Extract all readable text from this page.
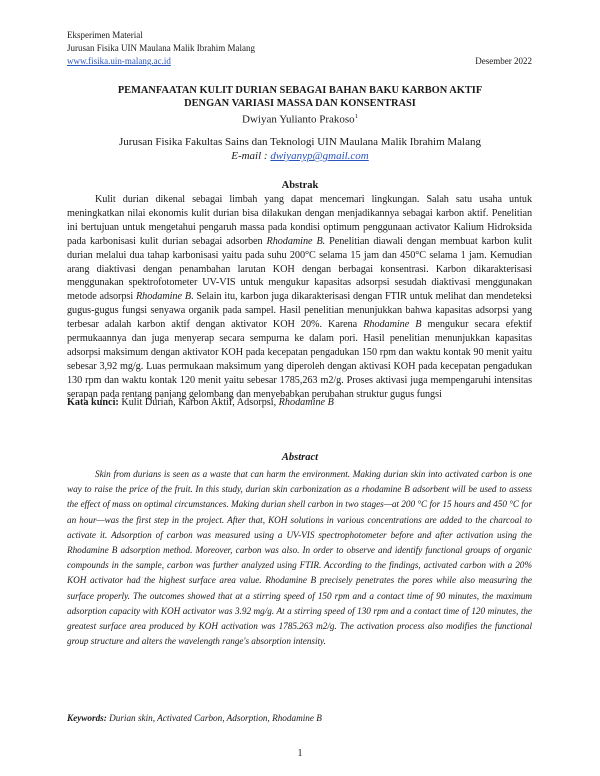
Eksperimen Material
Jurusan Fisika UIN Maulana Malik Ibrahim Malang
www.fisika.uin-malang.ac.id	Desember 2022
PEMANFAATAN KULIT DURIAN SEBAGAI BAHAN BAKU KARBON AKTIF
DENGAN VARIASI MASSA DAN KONSENTRASI
Dwiyan Yulianto Prakoso$^1$
Jurusan Fisika Fakultas Sains dan Teknologi UIN Maulana Malik Ibrahim Malang
E-mail : dwiyanyp@gmail.com
Abstrak
Kulit durian dikenal sebagai limbah yang dapat mencemari lingkungan. Salah satu usaha untuk meningkatkan nilai ekonomis kulit durian bisa dilakukan dengan menjadikannya sebagai karbon aktif. Penelitian ini bertujuan untuk mengetahui pengaruh massa pada kondisi optimum penggunaan activator Kalium Hidroksida pada karbonisasi kulit durian sebagai adsorben Rhodamine B. Penelitian diawali dengan membuat karbon kulit durian melalui dua tahap karbonisasi yaitu pada suhu 200°C selama 15 jam dan 450°C selama 1 jam. Kemudian arang diaktivasi dengan penambahan larutan KOH dengan berbagai konsentrasi. Karbon dikarakterisasi menggunakan spektrofotometer UV-VIS untuk mengukur kapasitas adsorpsi sesudah diaktivasi menggunakan metode adsorpsi Rhodamine B. Selain itu, karbon juga dikarakterisasi dengan FTIR untuk melihat dan mendeteksi gugus-gugus fungsi senyawa organik pada sampel. Hasil penelitian menunjukkan bahwa kapasitas adsorpsi yang terbesar adalah karbon aktif dengan aktivator KOH 20%. Karena Rhodamine B mengukur secara efektif permukaannya dan juga menyerap secara sempurna ke dalam pori. Hasil penelitian menunjukkan kapasitas adsorpsi maksimum dengan aktivator KOH pada kecepatan pengadukan 150 rpm dan waktu kontak 90 menit yaitu sebesar 3,92 mg/g. Luas permukaan maksimum yang diperoleh dengan aktivasi KOH pada kecepatan pengadukan 130 rpm dan waktu kontak 120 menit yaitu sebesar 1785,263 m2/g. Proses aktivasi juga mempengaruhi intensitas serapan pada rentang panjang gelombang dan menyebabkan perubahan struktur gugus fungsi
Kata kunci: Kulit Durian, Karbon Aktif, Adsorpsi, Rhodamine B
Abstract
Skin from durians is seen as a waste that can harm the environment. Making durian skin into activated carbon is one way to raise the price of the fruit. In this study, durian skin carbonization as a rhodamine B adsorbent will be used to assess the effect of mass on optimal circumstances. Making durian shell carbon in two stages—at 200 °C for 15 hours and 450 °C for an hour—was the first step in the project. After that, KOH solutions in various concentrations are added to the charcoal to activate it. Adsorption of carbon was measured using a UV-VIS spectrophotometer before and after activation using the Rhodamine B adsorption method. Moreover, carbon was also. In order to observe and identify functional groups of organic compounds in the sample, carbon was further analyzed using FTIR. According to the findings, activated carbon with a 20% KOH activator had the highest surface area value. Rhodamine B precisely penetrates the pores while also measuring the surface properly. The outcomes showed that at a stirring speed of 150 rpm and a contact time of 90 minutes, the maximum adsorption capacity with KOH activator was 3.92 mg/g. At a stirring speed of 130 rpm and a contact time of 120 minutes, the greatest surface area produced by KOH activation was 1785.263 m2/g. The activation process also modifies the functional group structure and alters the wavelength range's absorption intensity.
Keywords: Durian skin, Activated Carbon, Adsorption, Rhodamine B
1
